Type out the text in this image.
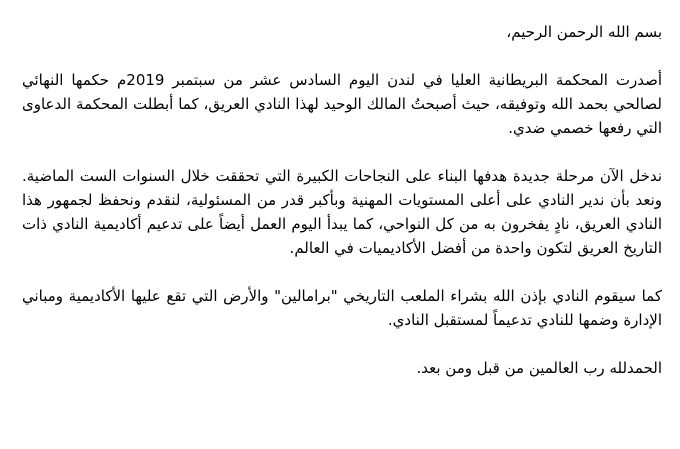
بسم الله الرحمن الرحيم،

أصدرت المحكمة البريطانية العليا في لندن اليوم السادس عشر من سبتمبر 2019م حكمها النهائي لصالحي بحمد الله وتوفيقه، حيث أصبحتُ المالك الوحيد لهذا النادي العريق، كما أبطلت المحكمة الدعاوى التي رفعها خصمي ضدي.

ندخل الآن مرحلة جديدة هدفها البناء على النجاحات الكبيرة التي تحققت خلال السنوات الست الماضية. ونعد بأن ندير النادي على أعلى المستويات المهنية وبأكبر قدر من المسئولية، لنقدم ونحفظ لجمهور هذا النادي العريق، نادٍ يفخرون به من كل النواحي، كما يبدأ اليوم العمل أيضاً على تدعيم أكاديمية النادي ذات التاريخ العريق لتكون واحدة من أفضل الأكاديميات في العالم.

كما سيقوم النادي بإذن الله بشراء الملعب التاريخي "برامالين" والأرض التي تقع عليها الأكاديمية ومباني الإدارة وضمها للنادي تدعيماً لمستقبل النادي.

الحمدلله رب العالمين من قبل ومن بعد.
